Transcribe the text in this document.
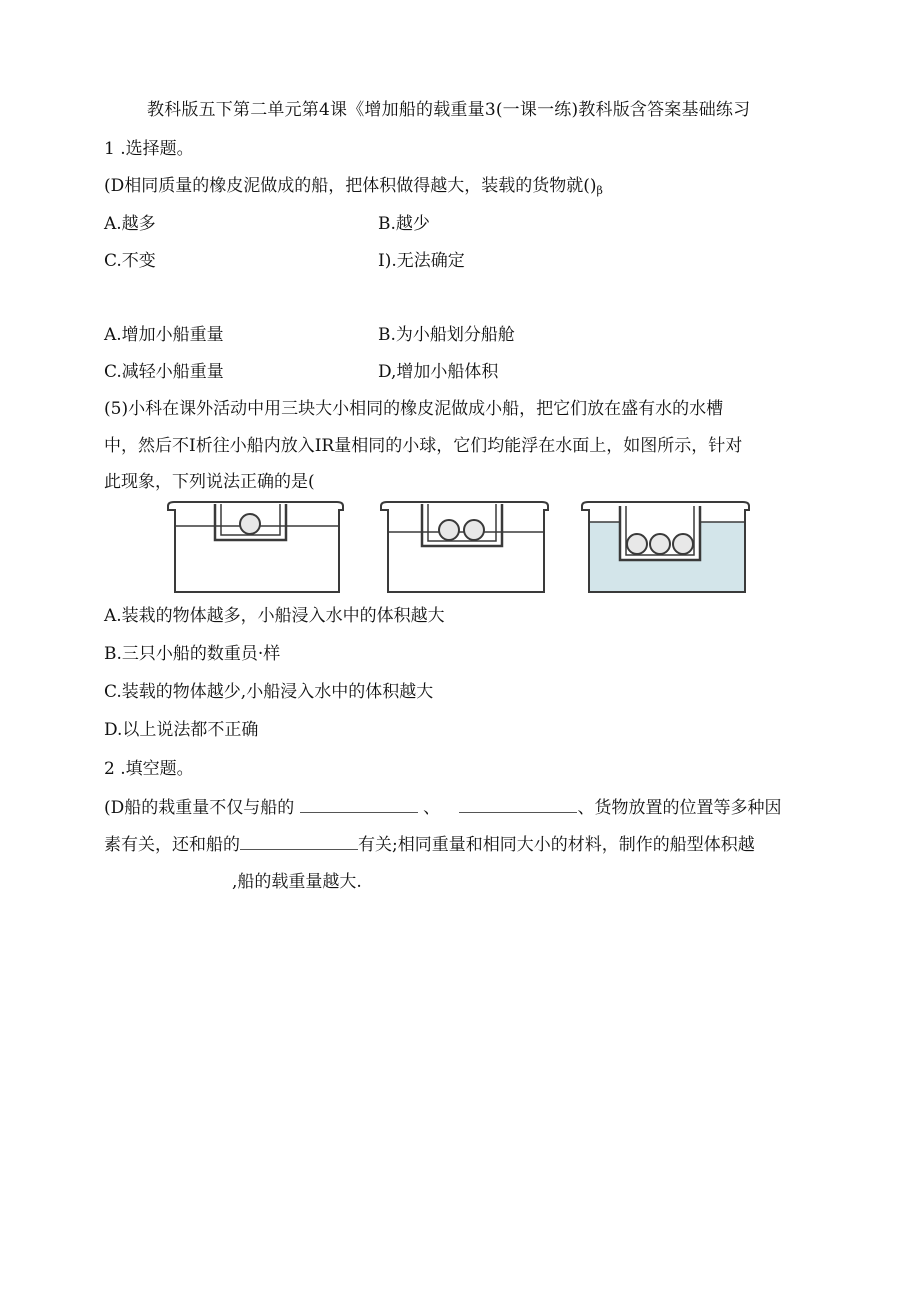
教科版五下第二单元第4课《增加船的载重量3(一课一练)教科版含答案基础练习
1 .选择题。
(D相同质量的橡皮泥做成的船，把体积做得越大，装载的货物就$()_\beta$
A.越多	B.越少
C.不变	I).无法确定
A.增加小船重量	B.为小船划分船舱
C.减轻小船重量	D,增加小船体积
(5)小科在课外活动中用三块大小相同的橡皮泥做成小船，把它们放在盛有水的水槽
中，然后不I析往小船内放入IR量相同的小球，它们均能浮在水面上，如图所示，针对
此现象，下列说法正确的是(
A.装栽的物体越多，小船浸入水中的体积越大
B.三只小船的数重员·样
C.装载的物体越少,小船浸入水中的体积越大
D.以上说法都不正确
2 .填空题。
(D船的栽重量不仅与船的	、	、货物放置的位置等多种因
素有关，还和船的	有关;相同重量和相同大小的材料，制作的船型体积越
,船的载重量越大.
